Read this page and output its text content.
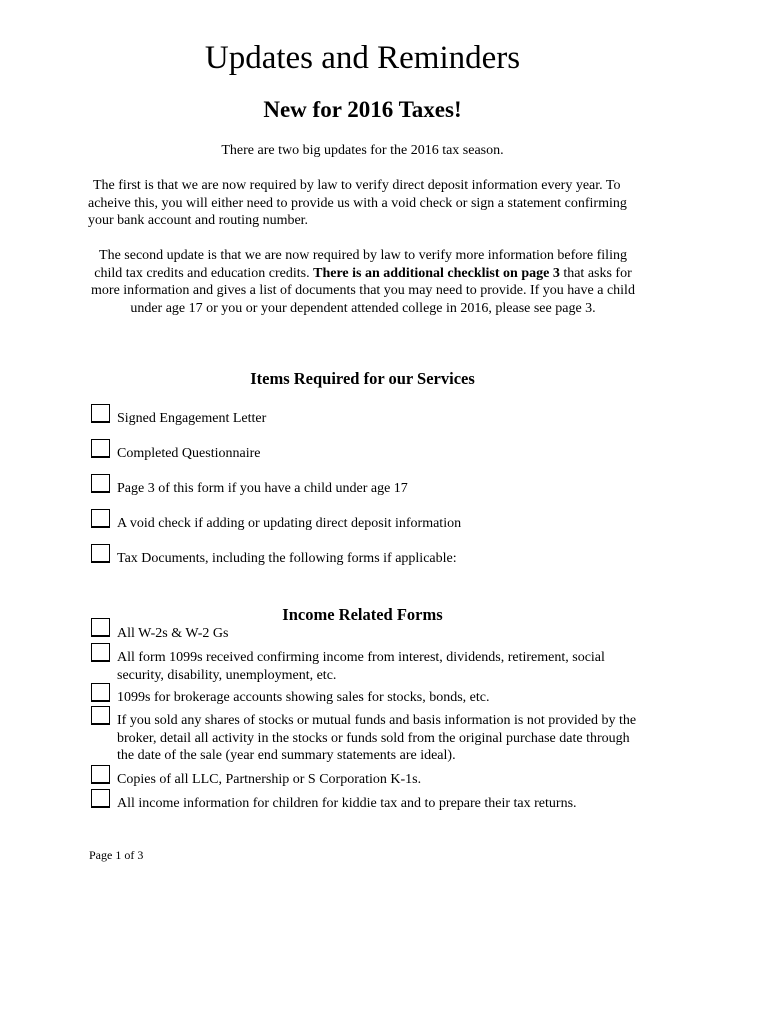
Updates and Reminders
New for 2016 Taxes!
There are two big updates for the 2016 tax season.
The first is that we are now required by law to verify direct deposit information every year. To acheive this, you will either need to provide us with a void check or sign a statement confirming your bank account and routing number.
The second update is that we are now required by law to verify more information before filing child tax credits and education credits. There is an additional checklist on page 3 that asks for more information and gives a list of documents that you may need to provide. If you have a child under age 17 or you or your dependent attended college in 2016, please see page 3.
Items Required for our Services
Signed Engagement Letter
Completed Questionnaire
Page 3 of this form if you have a child under age 17
A void check if adding or updating direct deposit information
Tax Documents, including the following forms if applicable:
Income Related Forms
All W-2s & W-2 Gs
All form 1099s received confirming income from interest, dividends, retirement, social security, disability, unemployment, etc.
1099s for brokerage accounts showing sales for stocks, bonds, etc.
If you sold any shares of stocks or mutual funds and basis information is not provided by the broker, detail all activity in the stocks or funds sold from the original purchase date through the date of the sale (year end summary statements are ideal).
Copies of all LLC, Partnership or S Corporation K-1s.
All income information for children for kiddie tax and to prepare their tax returns.
Page 1 of 3
